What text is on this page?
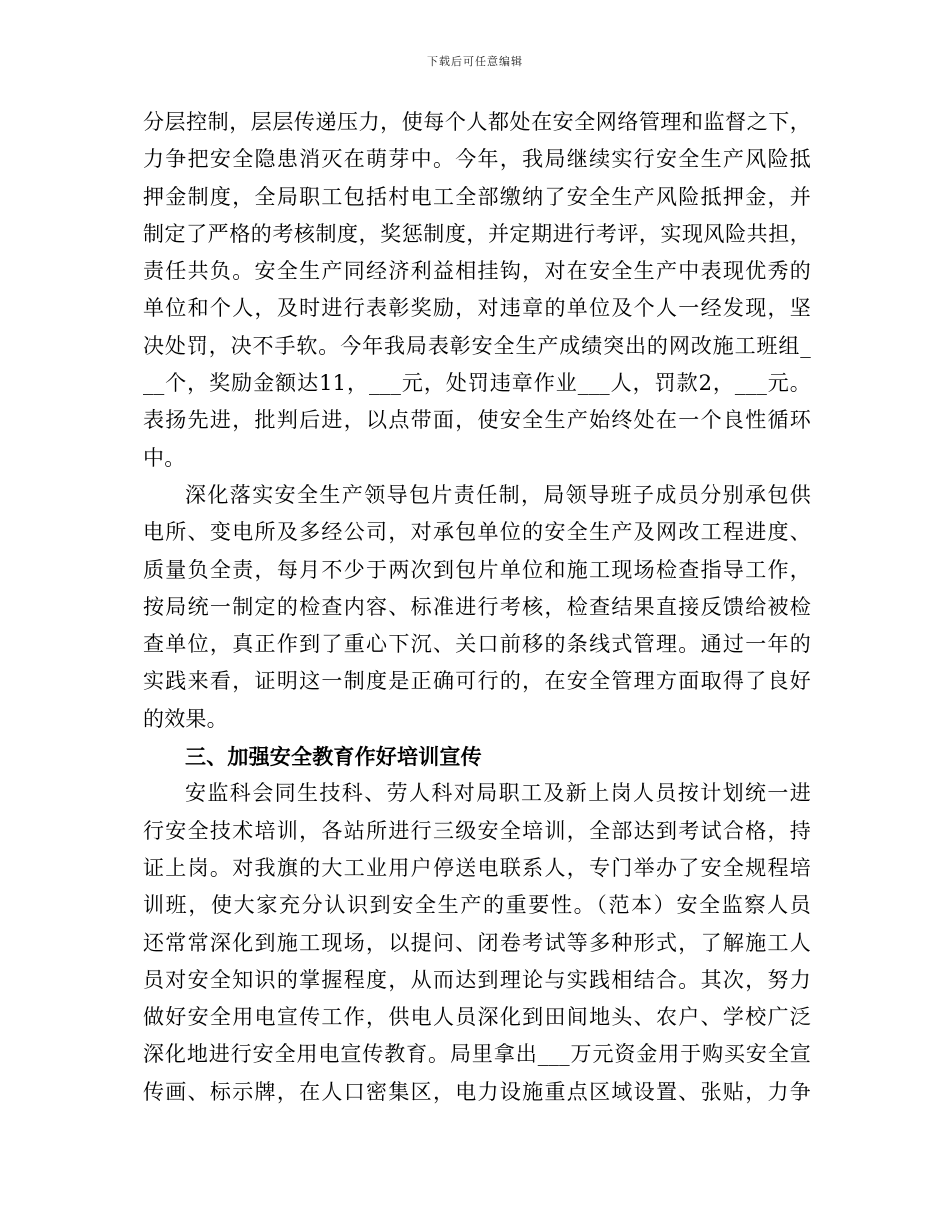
下载后可任意编辑
分层控制，层层传递压力，使每个人都处在安全网络管理和监督之下，
力争把安全隐患消灭在萌芽中。今年，我局继续实行安全生产风险抵
押金制度，全局职工包括村电工全部缴纳了安全生产风险抵押金，并
制定了严格的考核制度，奖惩制度，并定期进行考评，实现风险共担，
责任共负。安全生产同经济利益相挂钩，对在安全生产中表现优秀的
单位和个人，及时进行表彰奖励，对违章的单位及个人一经发现，坚
决处罚，决不手软。今年我局表彰安全生产成绩突出的网改施工班组_
__个，奖励金额达11，___元，处罚违章作业___人，罚款2，___元。
表扬先进，批判后进，以点带面，使安全生产始终处在一个良性循环
中。
深化落实安全生产领导包片责任制，局领导班子成员分别承包供
电所、变电所及多经公司，对承包单位的安全生产及网改工程进度、
质量负全责，每月不少于两次到包片单位和施工现场检查指导工作，
按局统一制定的检查内容、标准进行考核，检查结果直接反馈给被检
查单位，真正作到了重心下沉、关口前移的条线式管理。通过一年的
实践来看，证明这一制度是正确可行的，在安全管理方面取得了良好
的效果。
三、加强安全教育作好培训宣传
安监科会同生技科、劳人科对局职工及新上岗人员按计划统一进
行安全技术培训，各站所进行三级安全培训，全部达到考试合格，持
证上岗。对我旗的大工业用户停送电联系人，专门举办了安全规程培
训班，使大家充分认识到安全生产的重要性。（范本）安全监察人员
还常常深化到施工现场，以提问、闭卷考试等多种形式，了解施工人
员对安全知识的掌握程度，从而达到理论与实践相结合。其次，努力
做好安全用电宣传工作，供电人员深化到田间地头、农户、学校广泛
深化地进行安全用电宣传教育。局里拿出___万元资金用于购买安全宣
传画、标示牌，在人口密集区，电力设施重点区域设置、张贴，力争
